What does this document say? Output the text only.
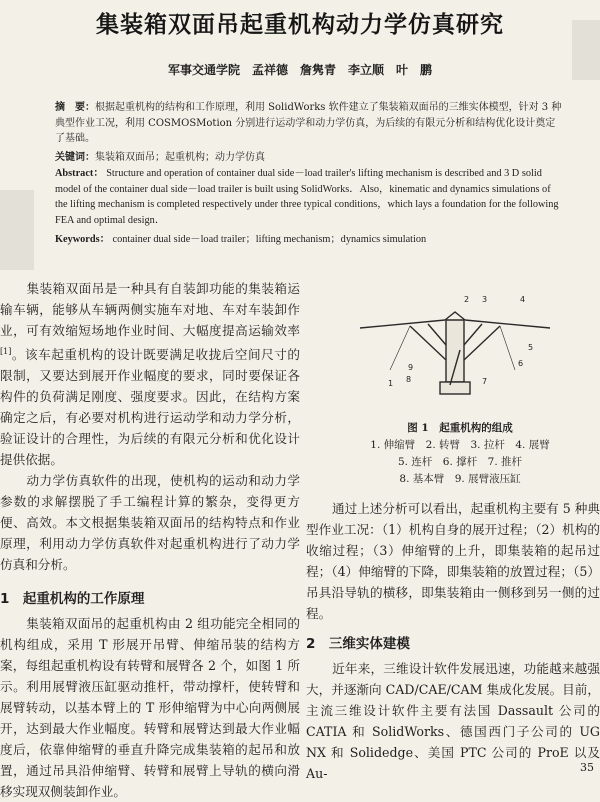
集装箱双面吊起重机构动力学仿真研究
军事交通学院　孟祥德　詹隽青　李立顺　叶　鹏

摘　要：根据起重机构的结构和工作原理，利用 SolidWorks 软件建立了集装箱双面吊的三维实体模型，针对 3 种典型作业工况，利用 COSMOSMotion 分别进行运动学和动力学仿真，为后续的有限元分析和结构优化设计奠定了基础。

关键词：集装箱双面吊；起重机构；动力学仿真

Abstract： Structure and operation of container dual side－load trailer's lifting mechanism is described and 3 D solid model of the container dual side－load trailer is built using SolidWorks．Also，kinematic and dynamics simulations of the lifting mechanism is completed respectively under three typical conditions，which lays a foundation for the following FEA and optimal design．

Keywords： container dual side－load trailer；lifting mechanism；dynamics simulation

集装箱双面吊是一种具有自装卸功能的集装箱运输车辆，能够从车辆两侧实施车对地、车对车装卸作业，可有效缩短场地作业时间、大幅度提高运输效率[1]。该车起重机构的设计既要满足收拢后空间尺寸的限制，又要达到展开作业幅度的要求，同时要保证各构件的负荷满足刚度、强度要求。因此，在结构方案确定之后，有必要对机构进行运动学和动力学分析，验证设计的合理性，为后续的有限元分析和优化设计提供依据。

动力学仿真软件的出现，使机构的运动和动力学参数的求解摆脱了手工编程计算的繁杂，变得更方便、高效。本文根据集装箱双面吊的结构特点和作业原理，利用动力学仿真软件对起重机构进行了动力学仿真和分析。

1　起重机构的工作原理

集装箱双面吊的起重机构由 2 组功能完全相同的机构组成，采用 T 形展开吊臂、伸缩吊装的结构方案，每组起重机构设有转臂和展臂各 2 个，如图 1 所示。利用展臂液压缸驱动推杆，带动撑杆，使转臂和展臂转动，以基本臂上的 T 形伸缩臂为中心向两侧展开，达到最大作业幅度。转臂和展臂达到最大作业幅度后，依靠伸缩臂的垂直升降完成集装箱的起吊和放置，通过吊具沿伸缩臂、转臂和展臂上导轨的横向滑移实现双侧装卸作业。

1
2 3	4
5
6
7
8
9
图 1　起重机构的组成
1. 伸缩臂　2. 转臂　3. 拉杆　4. 展臂
5. 连杆　6. 撑杆　7. 推杆
8. 基本臂　9. 展臂液压缸

通过上述分析可以看出，起重机构主要有 5 种典型作业工况：（1）机构自身的展开过程；（2）机构的收缩过程；（3）伸缩臂的上升，即集装箱的起吊过程；（4）伸缩臂的下降，即集装箱的放置过程；（5）吊具沿导轨的横移，即集装箱由一侧移到另一侧的过程。

2　三维实体建模

近年来，三维设计软件发展迅速，功能越来越强大，并逐渐向 CAD/CAE/CAM 集成化发展。目前，主流三维设计软件主要有法国 Dassault 公司的 CATIA 和 SolidWorks、德国西门子公司的 UG NX 和 Solidedge、美国 PTC 公司的 ProE 以及 Au-	35
